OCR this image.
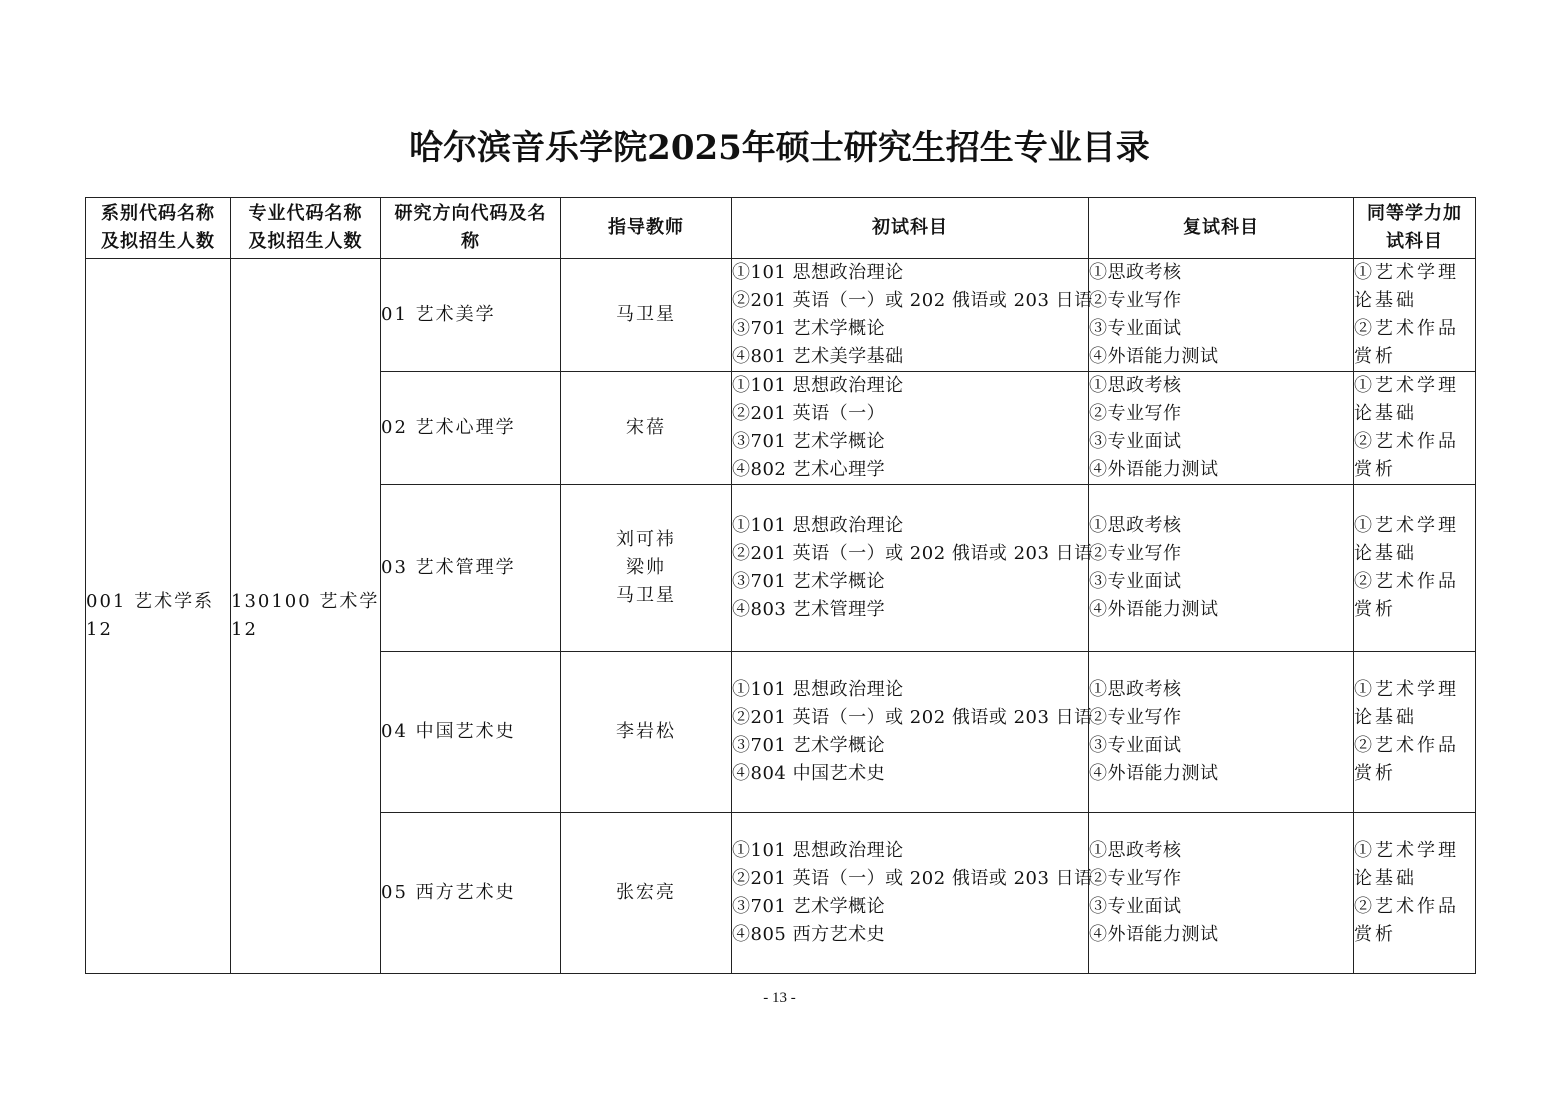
哈尔滨音乐学院2025年硕士研究生招生专业目录
系别代码名称
及拟招生人数	专业代码名称
及拟招生人数	研究方向代码及名
称	指导教师	初试科目	复试科目	同等学力加
试科目

001 艺术学系
12	130100 艺术学
12	01 艺术美学	马卫星	①101 思想政治理论
②201 英语（一）或 202 俄语或 203 日语
③701 艺术学概论
④801 艺术美学基础	①思政考核
②专业写作
③专业面试
④外语能力测试	①艺术学理
论基础
②艺术作品
赏析

		02 艺术心理学	宋蓓	①101 思想政治理论
②201 英语（一）
③701 艺术学概论
④802 艺术心理学	①思政考核
②专业写作
③专业面试
④外语能力测试	①艺术学理
论基础
②艺术作品
赏析

		03 艺术管理学	刘可祎
梁帅
马卫星	①101 思想政治理论
②201 英语（一）或 202 俄语或 203 日语
③701 艺术学概论
④803 艺术管理学	①思政考核
②专业写作
③专业面试
④外语能力测试	①艺术学理
论基础
②艺术作品
赏析

		04 中国艺术史	李岩松	①101 思想政治理论
②201 英语（一）或 202 俄语或 203 日语
③701 艺术学概论
④804 中国艺术史	①思政考核
②专业写作
③专业面试
④外语能力测试	①艺术学理
论基础
②艺术作品
赏析

		05 西方艺术史	张宏亮	①101 思想政治理论
②201 英语（一）或 202 俄语或 203 日语
③701 艺术学概论
④805 西方艺术史	①思政考核
②专业写作
③专业面试
④外语能力测试	①艺术学理
论基础
②艺术作品
赏析
- 13 -
